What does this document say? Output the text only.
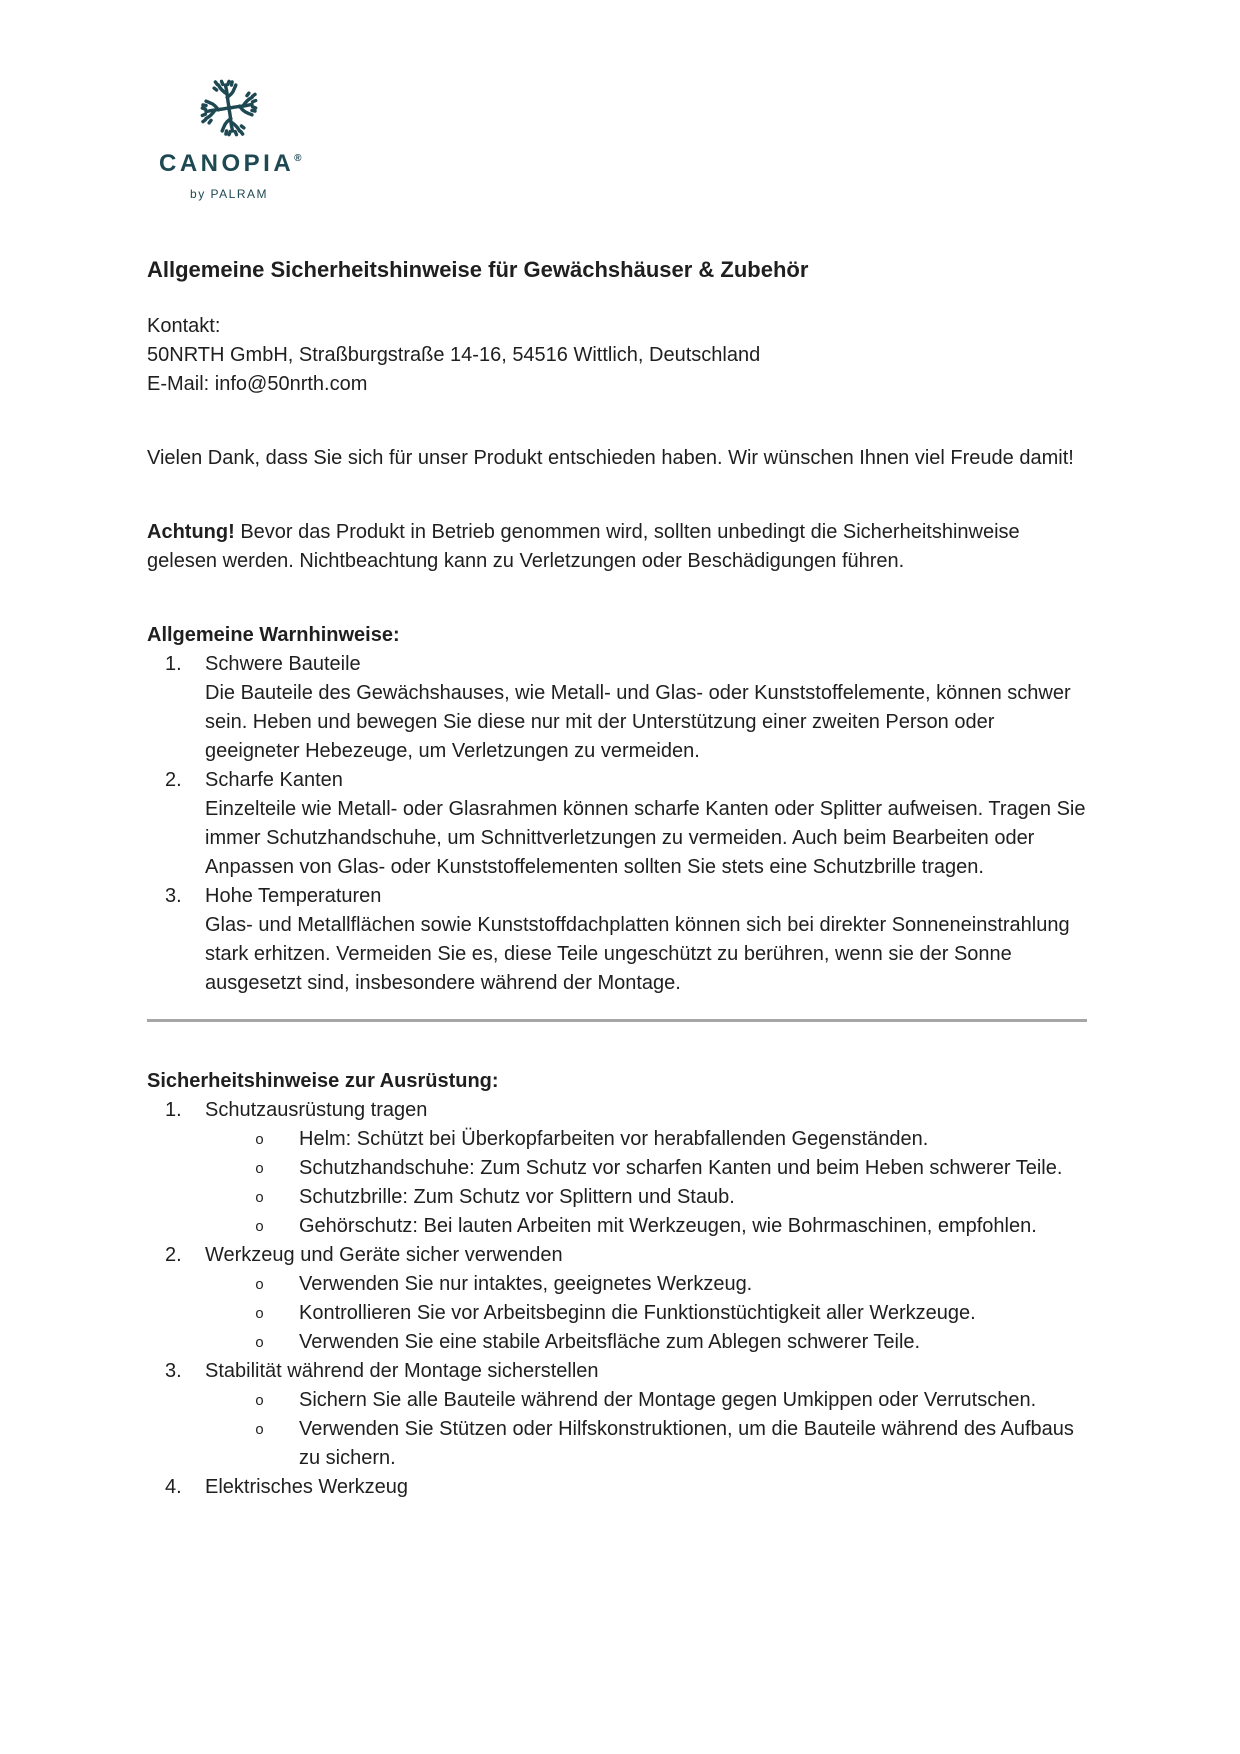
CANOPIA®
by PALRAM
Allgemeine Sicherheitshinweise für Gewächshäuser & Zubehör
Kontakt:
50NRTH GmbH, Straßburgstraße 14-16, 54516 Wittlich, Deutschland
E-Mail: info@50nrth.com
Vielen Dank, dass Sie sich für unser Produkt entschieden haben. Wir wünschen Ihnen viel Freude damit!
Achtung! Bevor das Produkt in Betrieb genommen wird, sollten unbedingt die Sicherheitshinweise gelesen werden. Nichtbeachtung kann zu Verletzungen oder Beschädigungen führen.
Allgemeine Warnhinweise:
1. Schwere Bauteile
Die Bauteile des Gewächshauses, wie Metall- und Glas- oder Kunststoffelemente, können schwer sein. Heben und bewegen Sie diese nur mit der Unterstützung einer zweiten Person oder geeigneter Hebezeuge, um Verletzungen zu vermeiden.
2. Scharfe Kanten
Einzelteile wie Metall- oder Glasrahmen können scharfe Kanten oder Splitter aufweisen. Tragen Sie immer Schutzhandschuhe, um Schnittverletzungen zu vermeiden. Auch beim Bearbeiten oder Anpassen von Glas- oder Kunststoffelementen sollten Sie stets eine Schutzbrille tragen.
3. Hohe Temperaturen
Glas- und Metallflächen sowie Kunststoffdachplatten können sich bei direkter Sonneneinstrahlung stark erhitzen. Vermeiden Sie es, diese Teile ungeschützt zu berühren, wenn sie der Sonne ausgesetzt sind, insbesondere während der Montage.
Sicherheitshinweise zur Ausrüstung:
1. Schutzausrüstung tragen
o Helm: Schützt bei Überkopfarbeiten vor herabfallenden Gegenständen.
o Schutzhandschuhe: Zum Schutz vor scharfen Kanten und beim Heben schwerer Teile.
o Schutzbrille: Zum Schutz vor Splittern und Staub.
o Gehörschutz: Bei lauten Arbeiten mit Werkzeugen, wie Bohrmaschinen, empfohlen.
2. Werkzeug und Geräte sicher verwenden
o Verwenden Sie nur intaktes, geeignetes Werkzeug.
o Kontrollieren Sie vor Arbeitsbeginn die Funktionstüchtigkeit aller Werkzeuge.
o Verwenden Sie eine stabile Arbeitsfläche zum Ablegen schwerer Teile.
3. Stabilität während der Montage sicherstellen
o Sichern Sie alle Bauteile während der Montage gegen Umkippen oder Verrutschen.
o Verwenden Sie Stützen oder Hilfskonstruktionen, um die Bauteile während des Aufbaus zu sichern.
4. Elektrisches Werkzeug
